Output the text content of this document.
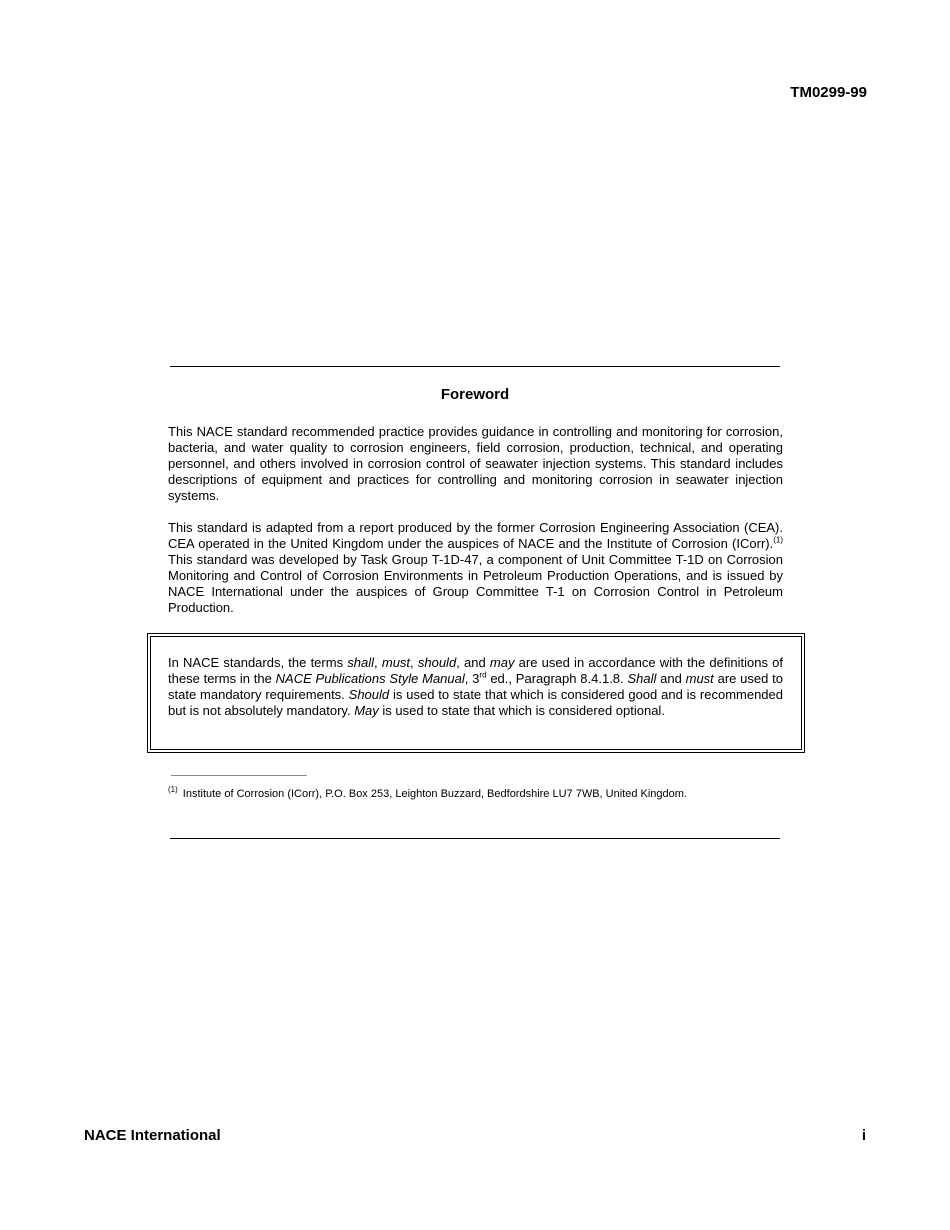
TM0299-99
Foreword

This NACE standard recommended practice provides guidance in controlling and monitoring for corrosion, bacteria, and water quality to corrosion engineers, field corrosion, production, technical, and operating personnel, and others involved in corrosion control of seawater injection systems. This standard includes descriptions of equipment and practices for controlling and monitoring corrosion in seawater injection systems.

This standard is adapted from a report produced by the former Corrosion Engineering Association (CEA). CEA operated in the United Kingdom under the auspices of NACE and the Institute of Corrosion (ICorr).$^{(1)}$ This standard was developed by Task Group T-1D-47, a component of Unit Committee T-1D on Corrosion Monitoring and Control of Corrosion Environments in Petroleum Production Operations, and is issued by NACE International under the auspices of Group Committee T-1 on Corrosion Control in Petroleum Production.

In NACE standards, the terms shall, must, should, and may are used in accordance with the definitions of these terms in the NACE Publications Style Manual, 3rd ed., Paragraph 8.4.1.8. Shall and must are used to state mandatory requirements. Should is used to state that which is considered good and is recommended but is not absolutely mandatory. May is used to state that which is considered optional.

$^{(1)}$ Institute of Corrosion (ICorr), P.O. Box 253, Leighton Buzzard, Bedfordshire LU7 7WB, United Kingdom.
NACE International	i
